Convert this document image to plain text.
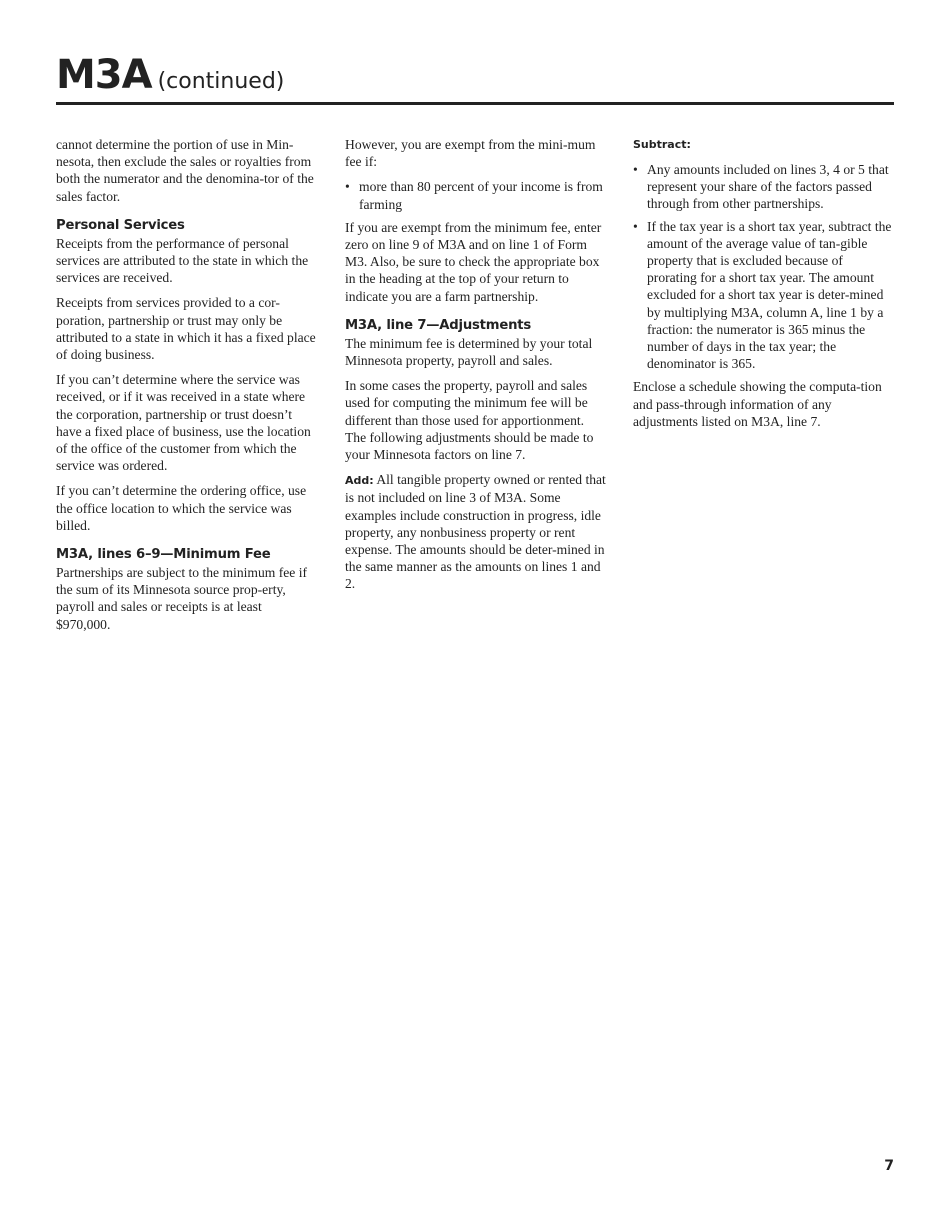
M3A (continued)

cannot determine the portion of use in Min-nesota, then exclude the sales or royalties from both the numerator and the denomina-tor of the sales factor.

Personal Services

Receipts from the performance of personal services are attributed to the state in which the services are received.

Receipts from services provided to a cor-poration, partnership or trust may only be attributed to a state in which it has a fixed place of doing business.

If you can’t determine where the service was received, or if it was received in a state where the corporation, partnership or trust doesn’t have a fixed place of business, use the location of the office of the customer from which the service was ordered.

If you can’t determine the ordering office, use the office location to which the service was billed.

M3A, lines 6–9—Minimum Fee

Partnerships are subject to the minimum fee if the sum of its Minnesota source prop-erty, payroll and sales or receipts is at least $970,000.

However, you are exempt from the mini-mum fee if:

• more than 80 percent of your income is from farming

If you are exempt from the minimum fee, enter zero on line 9 of M3A and on line 1 of Form M3. Also, be sure to check the appropriate box in the heading at the top of your return to indicate you are a farm partnership.

M3A, line 7—Adjustments

The minimum fee is determined by your total Minnesota property, payroll and sales.

In some cases the property, payroll and sales used for computing the minimum fee will be different than those used for apportionment. The following adjustments should be made to your Minnesota factors on line 7.

Add: All tangible property owned or rented that is not included on line 3 of M3A. Some examples include construction in progress, idle property, any nonbusiness property or rent expense. The amounts should be deter-mined in the same manner as the amounts on lines 1 and 2.

Subtract:
• Any amounts included on lines 3, 4 or 5 that represent your share of the factors passed through from other partnerships.
• If the tax year is a short tax year, subtract the amount of the average value of tan-gible property that is excluded because of prorating for a short tax year. The amount excluded for a short tax year is deter-mined by multiplying M3A, column A, line 1 by a fraction: the numerator is 365 minus the number of days in the tax year; the denominator is 365.

Enclose a schedule showing the computa-tion and pass-through information of any adjustments listed on M3A, line 7.

7
